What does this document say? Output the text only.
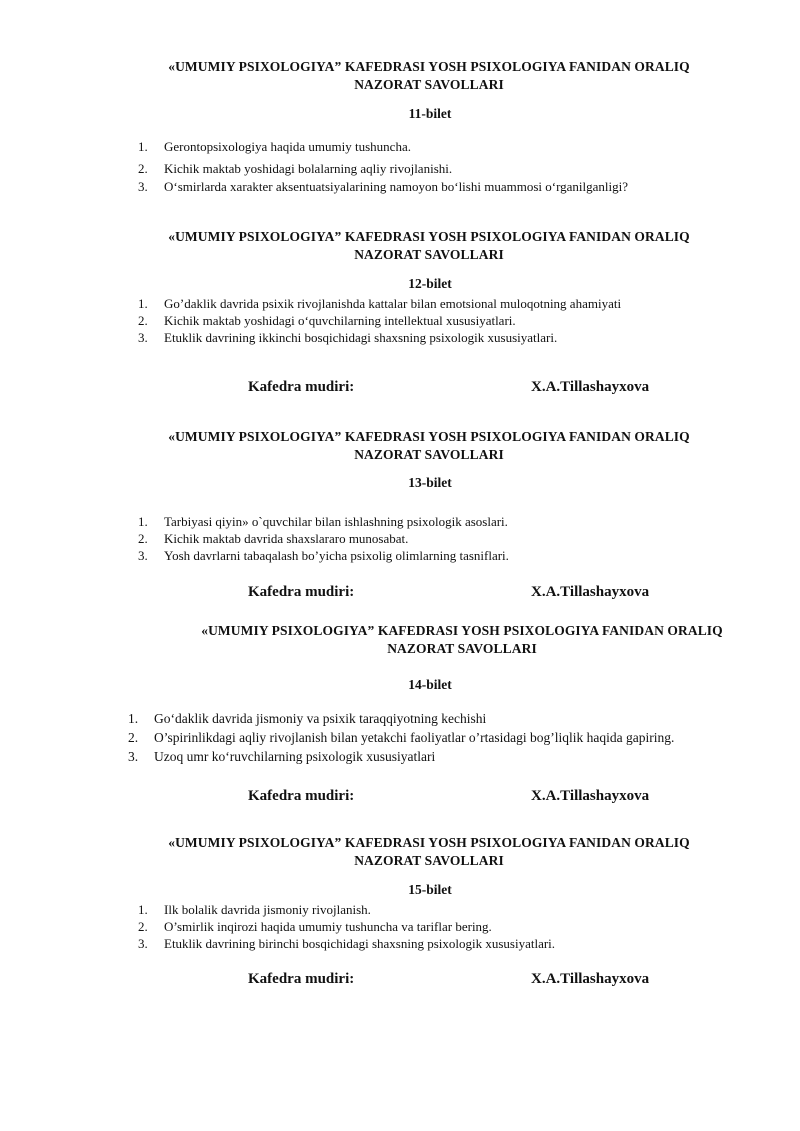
«UMUMIY PSIXOLOGIYA” KAFEDRASI YOSH PSIXOLOGIYA FANIDAN ORALIQ
NAZORAT SAVOLLARI
11-bilet
1. Gerontopsixologiya haqida umumiy tushuncha.
2. Kichik maktab yoshidagi bolalarning aqliy rivojlanishi.
3. O‘smirlarda xarakter aksentuatsiyalarining namoyon bo‘lishi muammosi o‘rganilganligi?
«UMUMIY PSIXOLOGIYA” KAFEDRASI YOSH PSIXOLOGIYA FANIDAN ORALIQ
NAZORAT SAVOLLARI
12-bilet
1. Go’daklik davrida psixik rivojlanishda kattalar bilan emotsional muloqotning ahamiyati
2. Kichik maktab yoshidagi o‘quvchilarning intellektual xususiyatlari.
3. Etuklik davrining ikkinchi bosqichidagi shaxsning psixologik xususiyatlari.
Kafedra mudiri:	X.A.Tillashayxova
«UMUMIY PSIXOLOGIYA” KAFEDRASI YOSH PSIXOLOGIYA FANIDAN ORALIQ
NAZORAT SAVOLLARI
13-bilet
1. Tarbiyasi qiyin» o`quvchilar bilan ishlashning psixologik asoslari.
2. Kichik maktab davrida shaxslararo munosabat.
3. Yosh davrlarni tabaqalash bo’yicha psixolig olimlarning tasniflari.
Kafedra mudiri:	X.A.Tillashayxova
«UMUMIY PSIXOLOGIYA” KAFEDRASI YOSH PSIXOLOGIYA FANIDAN ORALIQ
NAZORAT SAVOLLARI
14-bilet
1. Go‘daklik davrida jismoniy va psixik taraqqiyotning kechishi
2. O’spirinlikdagi aqliy rivojlanish bilan yetakchi faoliyatlar o’rtasidagi bog’liqlik haqida gapiring.
3. Uzoq umr ko‘ruvchilarning psixologik xususiyatlari
Kafedra mudiri:	X.A.Tillashayxova
«UMUMIY PSIXOLOGIYA” KAFEDRASI YOSH PSIXOLOGIYA FANIDAN ORALIQ
NAZORAT SAVOLLARI
15-bilet
1. Ilk bolalik davrida jismoniy rivojlanish.
2. O’smirlik inqirozi haqida umumiy tushuncha va tariflar bering.
3. Etuklik davrining birinchi bosqichidagi shaxsning psixologik xususiyatlari.
Kafedra mudiri:	X.A.Tillashayxova
